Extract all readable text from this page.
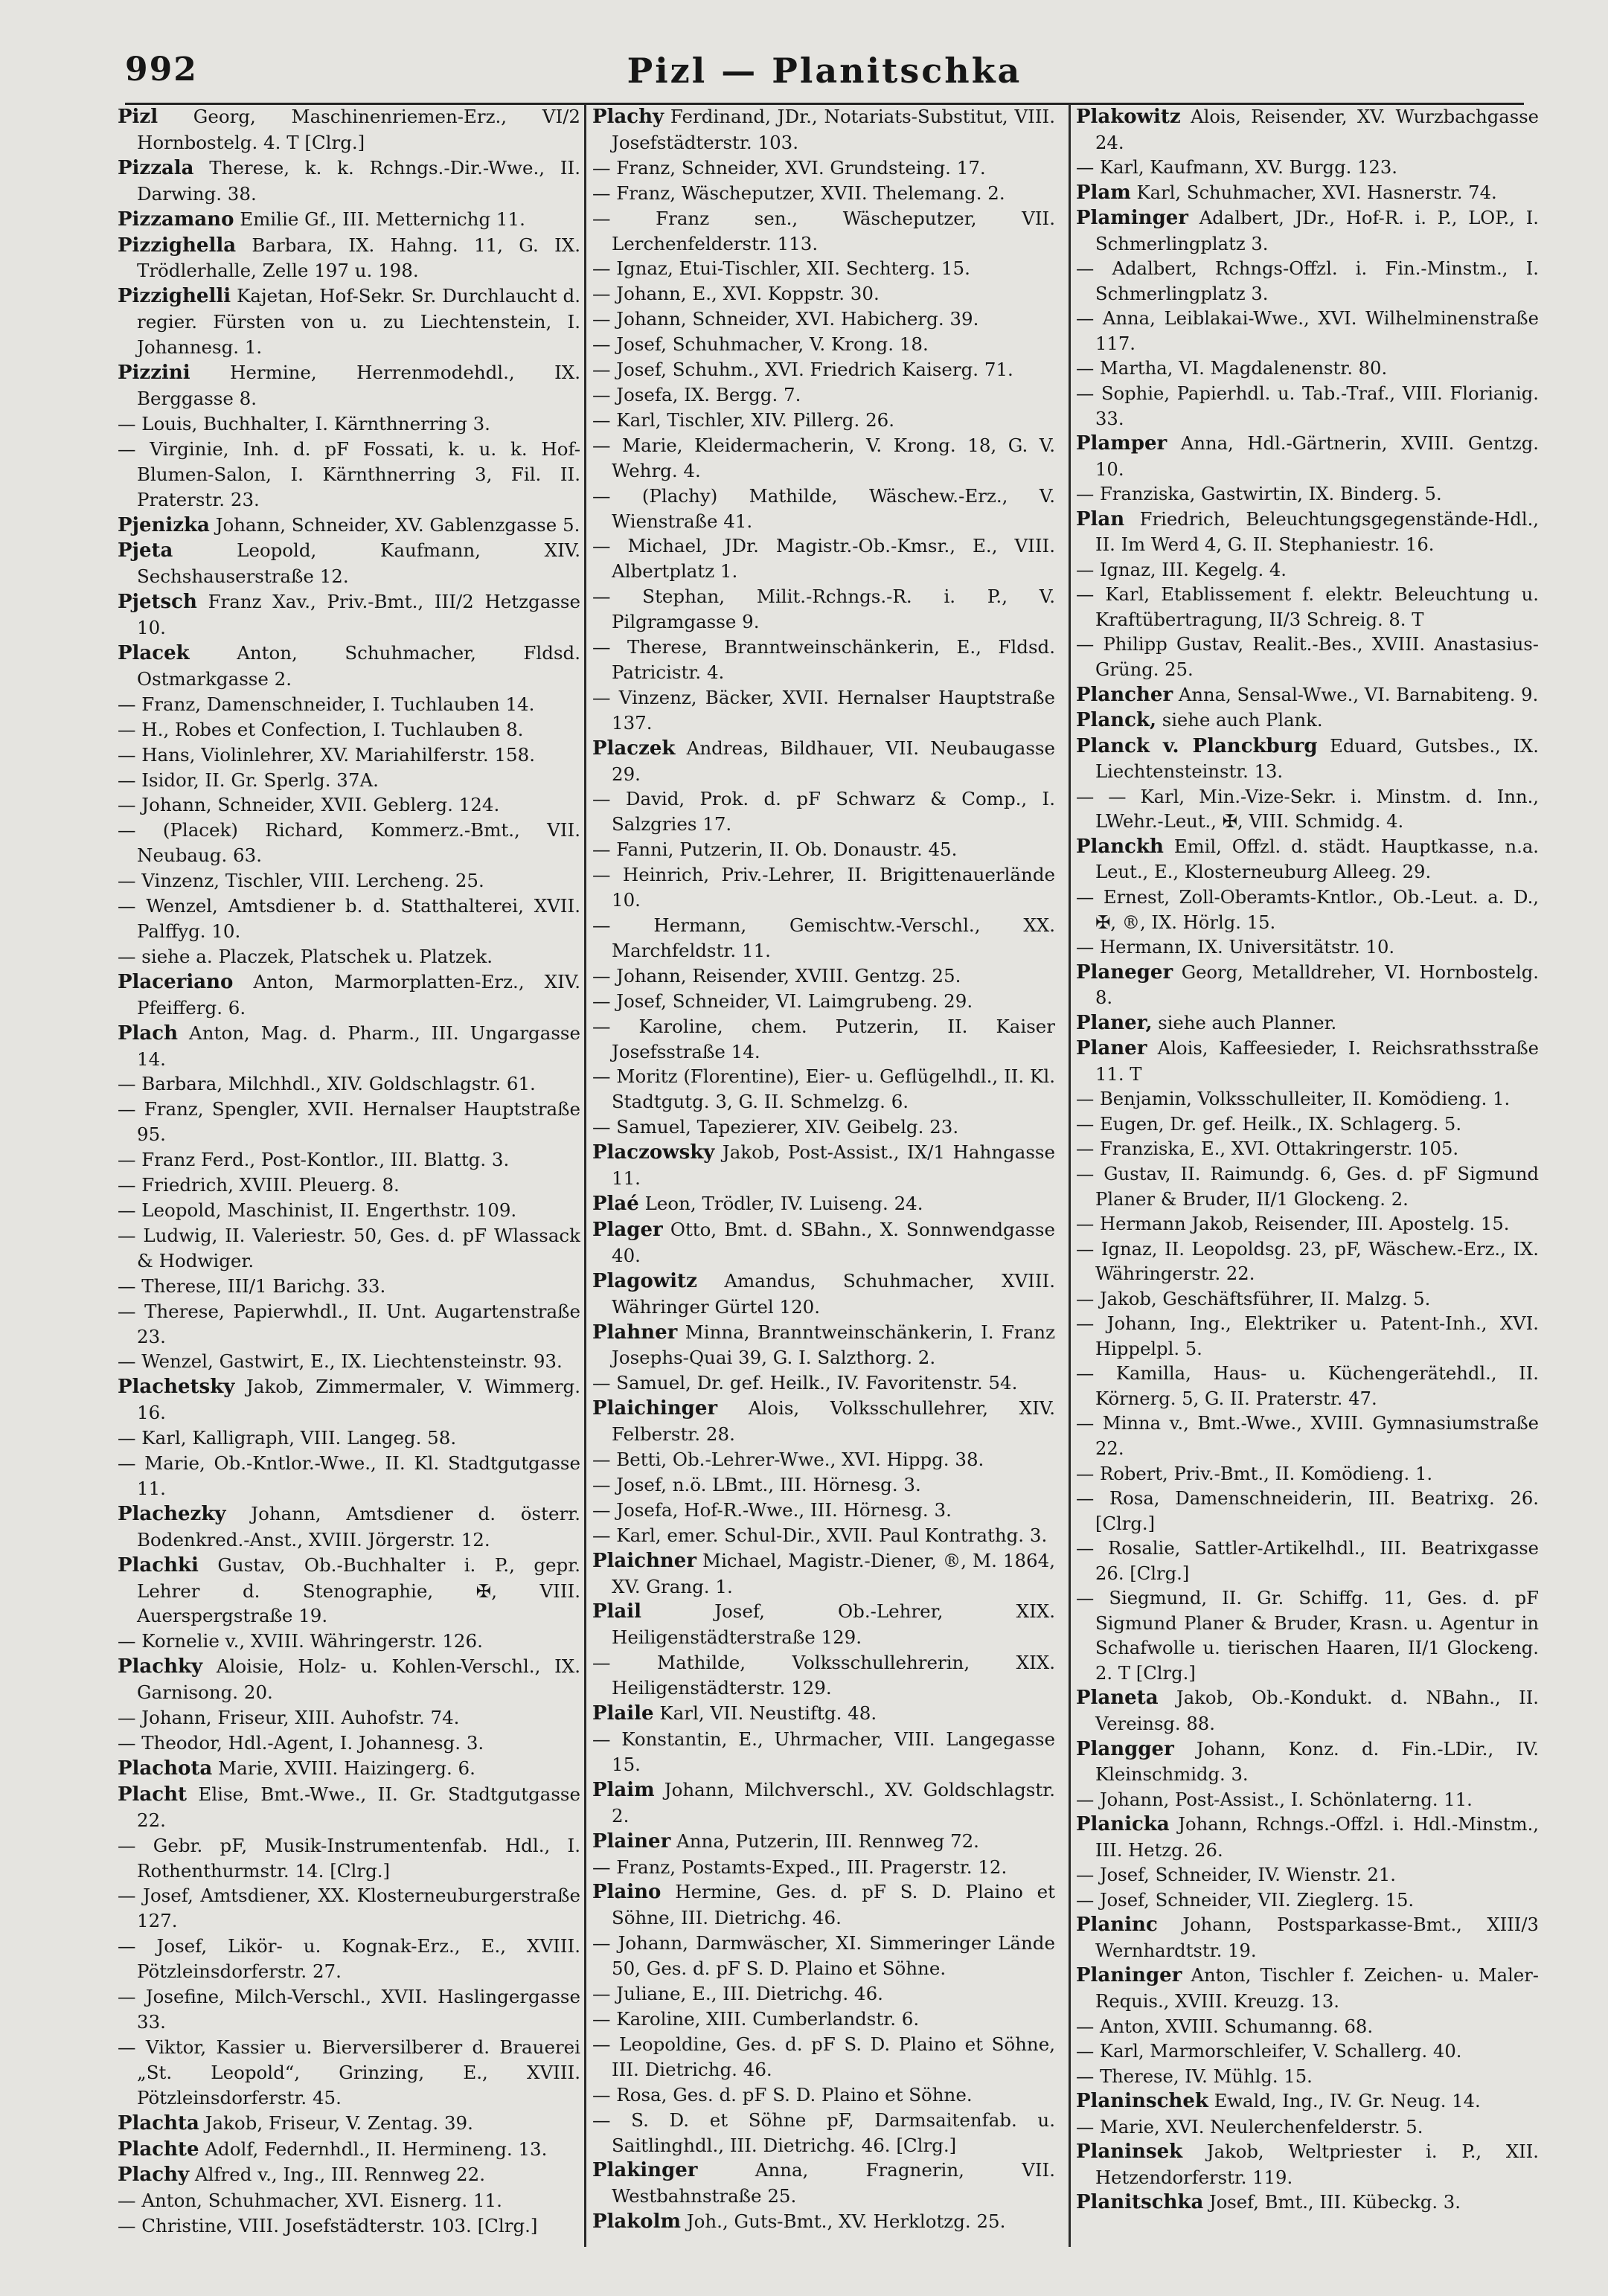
992	Pizl — Planitschka

Pizl Georg, Maschinenriemen-Erz., VI/2 Hornbostelg. 4. T [Clrg.]

Pizzala Therese, k. k. Rchngs.-Dir.-Wwe., II. Darwing. 38.

Pizzamano Emilie Gf., III. Metternichg 11.

Pizzighella Barbara, IX. Hahng. 11, G. IX. Trödlerhalle, Zelle 197 u. 198.

Pizzighelli Kajetan, Hof-Sekr. Sr. Durchlaucht d. regier. Fürsten von u. zu Liechtenstein, I. Johannesg. 1.

Pizzini Hermine, Herrenmodehdl., IX. Berggasse 8.

— Louis, Buchhalter, I. Kärnthnerring 3.

— Virginie, Inh. d. pF Fossati, k. u. k. Hof-Blumen-Salon, I. Kärnthnerring 3, Fil. II. Praterstr. 23.

Pjenizka Johann, Schneider, XV. Gablenzgasse 5.

Pjeta Leopold, Kaufmann, XIV. Sechshauserstraße 12.

Pjetsch Franz Xav., Priv.-Bmt., III/2 Hetzgasse 10.

Placek Anton, Schuhmacher, Fldsd. Ostmarkgasse 2.

— Franz, Damenschneider, I. Tuchlauben 14.

— H., Robes et Confection, I. Tuchlauben 8.

— Hans, Violinlehrer, XV. Mariahilferstr. 158.

— Isidor, II. Gr. Sperlg. 37A.

— Johann, Schneider, XVII. Geblerg. 124.

— (Placek) Richard, Kommerz.-Bmt., VII. Neubaug. 63.

— Vinzenz, Tischler, VIII. Lercheng. 25.

— Wenzel, Amtsdiener b. d. Statthalterei, XVII. Palffyg. 10.

— siehe a. Placzek, Platschek u. Platzek.

Placeriano Anton, Marmorplatten-Erz., XIV. Pfeifferg. 6.

Plach Anton, Mag. d. Pharm., III. Ungargasse 14.

— Barbara, Milchhdl., XIV. Goldschlagstr. 61.

— Franz, Spengler, XVII. Hernalser Hauptstraße 95.

— Franz Ferd., Post-Kontlor., III. Blattg. 3.

— Friedrich, XVIII. Pleuerg. 8.

— Leopold, Maschinist, II. Engerthstr. 109.

— Ludwig, II. Valeriestr. 50, Ges. d. pF Wlassack & Hodwiger.

— Therese, III/1 Barichg. 33.

— Therese, Papierwhdl., II. Unt. Augartenstraße 23.

— Wenzel, Gastwirt, E., IX. Liechtensteinstr. 93.

Plachetsky Jakob, Zimmermaler, V. Wimmerg. 16.

— Karl, Kalligraph, VIII. Langeg. 58.

— Marie, Ob.-Kntlor.-Wwe., II. Kl. Stadtgutgasse 11.

Plachezky Johann, Amtsdiener d. österr. Bodenkred.-Anst., XVIII. Jörgerstr. 12.

Plachki Gustav, Ob.-Buchhalter i. P., gepr. Lehrer d. Stenographie, ✠, VIII. Auerspergstraße 19.

— Kornelie v., XVIII. Währingerstr. 126.

Plachky Aloisie, Holz- u. Kohlen-Verschl., IX. Garnisong. 20.

— Johann, Friseur, XIII. Auhofstr. 74.

— Theodor, Hdl.-Agent, I. Johannesg. 3.

Plachota Marie, XVIII. Haizingerg. 6.

Placht Elise, Bmt.-Wwe., II. Gr. Stadtgutgasse 22.

— Gebr. pF, Musik-Instrumentenfab. Hdl., I. Rothenthurmstr. 14. [Clrg.]

— Josef, Amtsdiener, XX. Klosterneuburgerstraße 127.

— Josef, Likör- u. Kognak-Erz., E., XVIII. Pötzleinsdorferstr. 27.

— Josefine, Milch-Verschl., XVII. Haslingergasse 33.

— Viktor, Kassier u. Bierversilberer d. Brauerei „St. Leopold“, Grinzing, E., XVIII. Pötzleinsdorferstr. 45.

Plachta Jakob, Friseur, V. Zentag. 39.

Plachte Adolf, Federnhdl., II. Hermineng. 13.

Plachy Alfred v., Ing., III. Rennweg 22.

— Anton, Schuhmacher, XVI. Eisnerg. 11.

— Christine, VIII. Josefstädterstr. 103. [Clrg.]

Plachy Ferdinand, JDr., Notariats-Substitut, VIII. Josefstädterstr. 103.

— Franz, Schneider, XVI. Grundsteing. 17.

— Franz, Wäscheputzer, XVII. Thelemang. 2.

— Franz sen., Wäscheputzer, VII. Lerchenfelderstr. 113.

— Ignaz, Etui-Tischler, XII. Sechterg. 15.

— Johann, E., XVI. Koppstr. 30.

— Johann, Schneider, XVI. Habicherg. 39.

— Josef, Schuhmacher, V. Krong. 18.

— Josef, Schuhm., XVI. Friedrich Kaiserg. 71.

— Josefa, IX. Bergg. 7.

— Karl, Tischler, XIV. Pillerg. 26.

— Marie, Kleidermacherin, V. Krong. 18, G. V. Wehrg. 4.

— (Plachy) Mathilde, Wäschew.-Erz., V. Wienstraße 41.

— Michael, JDr. Magistr.-Ob.-Kmsr., E., VIII. Albertplatz 1.

— Stephan, Milit.-Rchngs.-R. i. P., V. Pilgramgasse 9.

— Therese, Branntweinschänkerin, E., Fldsd. Patricistr. 4.

— Vinzenz, Bäcker, XVII. Hernalser Hauptstraße 137.

Placzek Andreas, Bildhauer, VII. Neubaugasse 29.

— David, Prok. d. pF Schwarz & Comp., I. Salzgries 17.

— Fanni, Putzerin, II. Ob. Donaustr. 45.

— Heinrich, Priv.-Lehrer, II. Brigittenauerlände 10.

— Hermann, Gemischtw.-Verschl., XX. Marchfeldstr. 11.

— Johann, Reisender, XVIII. Gentzg. 25.

— Josef, Schneider, VI. Laimgrubeng. 29.

— Karoline, chem. Putzerin, II. Kaiser Josefsstraße 14.

— Moritz (Florentine), Eier- u. Geflügelhdl., II. Kl. Stadtgutg. 3, G. II. Schmelzg. 6.

— Samuel, Tapezierer, XIV. Geibelg. 23.

Placzowsky Jakob, Post-Assist., IX/1 Hahngasse 11.

Plaé Leon, Trödler, IV. Luiseng. 24.

Plager Otto, Bmt. d. SBahn., X. Sonnwendgasse 40.

Plagowitz Amandus, Schuhmacher, XVIII. Währinger Gürtel 120.

Plahner Minna, Branntweinschänkerin, I. Franz Josephs-Quai 39, G. I. Salzthorg. 2.

— Samuel, Dr. gef. Heilk., IV. Favoritenstr. 54.

Plaichinger Alois, Volksschullehrer, XIV. Felberstr. 28.

— Betti, Ob.-Lehrer-Wwe., XVI. Hippg. 38.

— Josef, n.ö. LBmt., III. Hörnesg. 3.

— Josefa, Hof-R.-Wwe., III. Hörnesg. 3.

— Karl, emer. Schul-Dir., XVII. Paul Kontrathg. 3.

Plaichner Michael, Magistr.-Diener, ®, M. 1864, XV. Grang. 1.

Plail Josef, Ob.-Lehrer, XIX. Heiligenstädterstraße 129.

— Mathilde, Volksschullehrerin, XIX. Heiligenstädterstr. 129.

Plaile Karl, VII. Neustiftg. 48.

— Konstantin, E., Uhrmacher, VIII. Langegasse 15.

Plaim Johann, Milchverschl., XV. Goldschlagstr. 2.

Plainer Anna, Putzerin, III. Rennweg 72.

— Franz, Postamts-Exped., III. Pragerstr. 12.

Plaino Hermine, Ges. d. pF S. D. Plaino et Söhne, III. Dietrichg. 46.

— Johann, Darmwäscher, XI. Simmeringer Lände 50, Ges. d. pF S. D. Plaino et Söhne.

— Juliane, E., III. Dietrichg. 46.

— Karoline, XIII. Cumberlandstr. 6.

— Leopoldine, Ges. d. pF S. D. Plaino et Söhne, III. Dietrichg. 46.

— Rosa, Ges. d. pF S. D. Plaino et Söhne.

— S. D. et Söhne pF, Darmsaitenfab. u. Saitlinghdl., III. Dietrichg. 46. [Clrg.]

Plakinger Anna, Fragnerin, VII. Westbahnstraße 25.

Plakolm Joh., Guts-Bmt., XV. Herklotzg. 25.

Plakowitz Alois, Reisender, XV. Wurzbachgasse 24.

— Karl, Kaufmann, XV. Burgg. 123.

Plam Karl, Schuhmacher, XVI. Hasnerstr. 74.

Plaminger Adalbert, JDr., Hof-R. i. P., LOP., I. Schmerlingplatz 3.

— Adalbert, Rchngs-Offzl. i. Fin.-Minstm., I. Schmerlingplatz 3.

— Anna, Leiblakai-Wwe., XVI. Wilhelminenstraße 117.

— Martha, VI. Magdalenenstr. 80.

— Sophie, Papierhdl. u. Tab.-Traf., VIII. Florianig. 33.

Plamper Anna, Hdl.-Gärtnerin, XVIII. Gentzg. 10.

— Franziska, Gastwirtin, IX. Binderg. 5.

Plan Friedrich, Beleuchtungsgegenstände-Hdl., II. Im Werd 4, G. II. Stephaniestr. 16.

— Ignaz, III. Kegelg. 4.

— Karl, Etablissement f. elektr. Beleuchtung u. Kraftübertragung, II/3 Schreig. 8. T

— Philipp Gustav, Realit.-Bes., XVIII. Anastasius-Grüng. 25.

Plancher Anna, Sensal-Wwe., VI. Barnabiteng. 9.

Planck, siehe auch Plank.

Planck v. Planckburg Eduard, Gutsbes., IX. Liechtensteinstr. 13.

— — Karl, Min.-Vize-Sekr. i. Minstm. d. Inn., LWehr.-Leut., ✠, VIII. Schmidg. 4.

Planckh Emil, Offzl. d. städt. Hauptkasse, n.a. Leut., E., Klosterneuburg Alleeg. 29.

— Ernest, Zoll-Oberamts-Kntlor., Ob.-Leut. a. D., ✠, ®, IX. Hörlg. 15.

— Hermann, IX. Universitätstr. 10.

Planeger Georg, Metalldreher, VI. Hornbostelg. 8.

Planer, siehe auch Planner.

Planer Alois, Kaffeesieder, I. Reichsrathsstraße 11. T

— Benjamin, Volksschulleiter, II. Komödieng. 1.

— Eugen, Dr. gef. Heilk., IX. Schlagerg. 5.

— Franziska, E., XVI. Ottakringerstr. 105.

— Gustav, II. Raimundg. 6, Ges. d. pF Sigmund Planer & Bruder, II/1 Glockeng. 2.

— Hermann Jakob, Reisender, III. Apostelg. 15.

— Ignaz, II. Leopoldsg. 23, pF, Wäschew.-Erz., IX. Währingerstr. 22.

— Jakob, Geschäftsführer, II. Malzg. 5.

— Johann, Ing., Elektriker u. Patent-Inh., XVI. Hippelpl. 5.

— Kamilla, Haus- u. Küchengerätehdl., II. Körnerg. 5, G. II. Praterstr. 47.

— Minna v., Bmt.-Wwe., XVIII. Gymnasiumstraße 22.

— Robert, Priv.-Bmt., II. Komödieng. 1.

— Rosa, Damenschneiderin, III. Beatrixg. 26. [Clrg.]

— Rosalie, Sattler-Artikelhdl., III. Beatrixgasse 26. [Clrg.]

— Siegmund, II. Gr. Schiffg. 11, Ges. d. pF Sigmund Planer & Bruder, Krasn. u. Agentur in Schafwolle u. tierischen Haaren, II/1 Glockeng. 2. T [Clrg.]

Planeta Jakob, Ob.-Kondukt. d. NBahn., II. Vereinsg. 88.

Plangger Johann, Konz. d. Fin.-LDir., IV. Kleinschmidg. 3.

— Johann, Post-Assist., I. Schönlaterng. 11.

Planicka Johann, Rchngs.-Offzl. i. Hdl.-Minstm., III. Hetzg. 26.

— Josef, Schneider, IV. Wienstr. 21.

— Josef, Schneider, VII. Zieglerg. 15.

Planinc Johann, Postsparkasse-Bmt., XIII/3 Wernhardtstr. 19.

Planinger Anton, Tischler f. Zeichen- u. Maler-Requis., XVIII. Kreuzg. 13.

— Anton, XVIII. Schumanng. 68.

— Karl, Marmorschleifer, V. Schallerg. 40.

— Therese, IV. Mühlg. 15.

Planinschek Ewald, Ing., IV. Gr. Neug. 14.

— Marie, XVI. Neulerchenfelderstr. 5.

Planinsek Jakob, Weltpriester i. P., XII. Hetzendorferstr. 119.

Planitschka Josef, Bmt., III. Kübeckg. 3.
